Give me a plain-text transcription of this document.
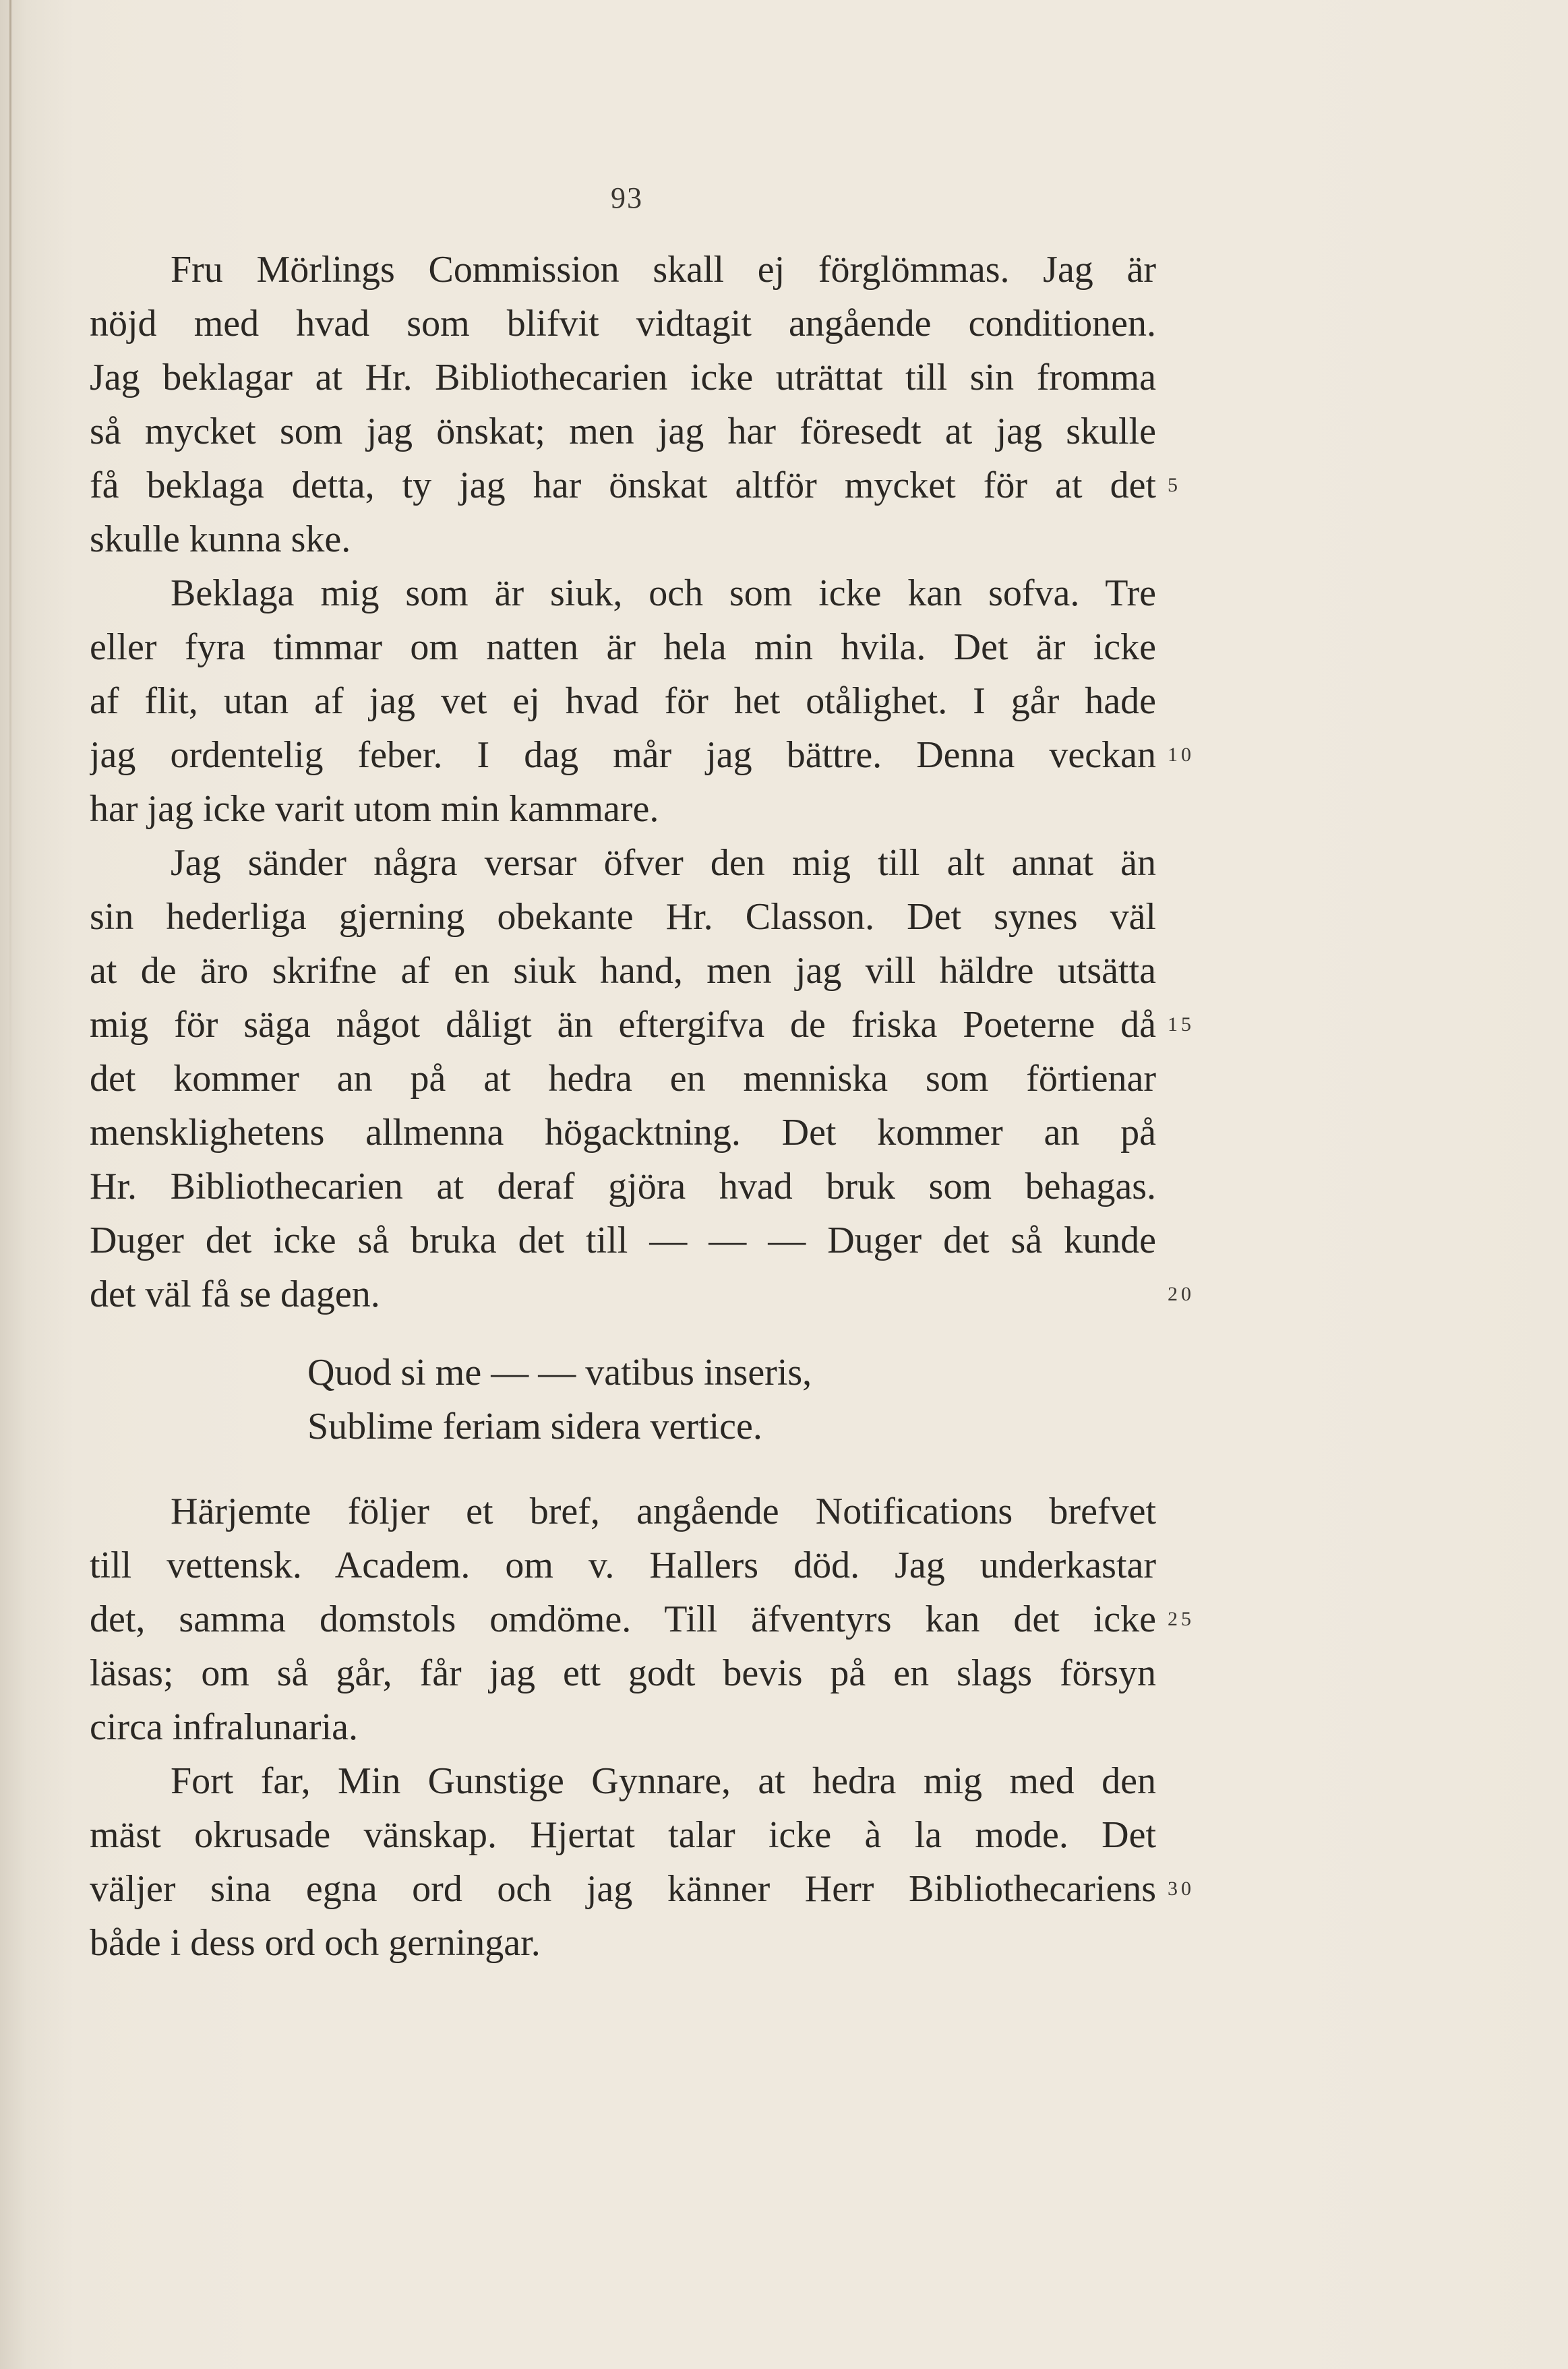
93
Fru Mörlings Commission skall ej förglömmas. Jag är
nöjd med hvad som blifvit vidtagit angående conditionen.
Jag beklagar at Hr. Bibliothecarien icke uträttat till sin fromma
så mycket som jag önskat; men jag har föresedt at jag skulle
få beklaga detta, ty jag har önskat altför mycket för at det 5
skulle kunna ske.
Beklaga mig som är siuk, och som icke kan sofva. Tre
eller fyra timmar om natten är hela min hvila. Det är icke
af flit, utan af jag vet ej hvad för het otålighet. I går hade
jag ordentelig feber. I dag mår jag bättre. Denna veckan 10
har jag icke varit utom min kammare.
Jag sänder några versar öfver den mig till alt annat än
sin hederliga gjerning obekante Hr. Classon. Det synes väl
at de äro skrifne af en siuk hand, men jag vill häldre utsätta
mig för säga något dåligt än eftergifva de friska Poeterne då 15
det kommer an på at hedra en menniska som förtienar
mensklighetens allmenna högacktning. Det kommer an på
Hr. Bibliothecarien at deraf gjöra hvad bruk som behagas.
Duger det icke så bruka det till — — — Duger det så kunde
det väl få se dagen.	20
Quod si me — — vatibus inseris,
Sublime feriam sidera vertice.
Härjemte följer et bref, angående Notifications brefvet
till vettensk. Academ. om v. Hallers död. Jag underkastar
det, samma domstols omdöme. Till äfventyrs kan det icke 25
läsas; om så går, får jag ett godt bevis på en slags försyn
circa infralunaria.
Fort far, Min Gunstige Gynnare, at hedra mig med den
mäst okrusade vänskap. Hjertat talar icke à la mode. Det
väljer sina egna ord och jag känner Herr Bibliothecariens 30
både i dess ord och gerningar.
